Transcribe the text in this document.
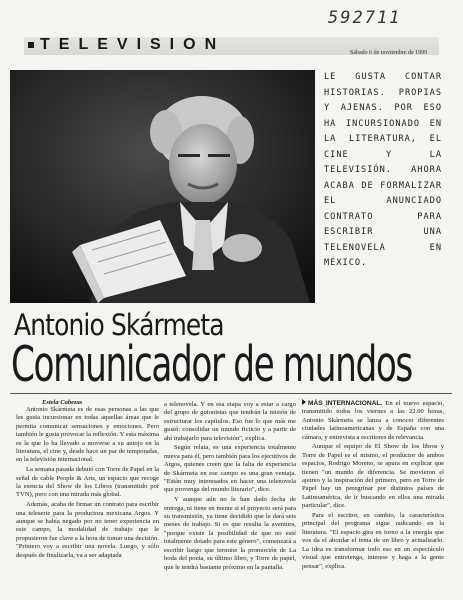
592711
TELEVISION	Sábado 6 de noviembre de 1999
LE GUSTA CONTAR HISTORIAS. PROPIAS Y AJENAS. POR ESO HA INCURSIONADO EN LA LITERATURA, EL CINE Y LA TELEVISIÓN. AHORA ACABA DE FORMALIZAR EL ANUNCIADO CONTRATO PARA ESCRIBIR UNA TELENOVELA EN MÉXICO.
Antonio Skármeta
Comunicador de mundos
Estela Cabezas

Antonio Skármeta es de esas personas a las que les gusta incursionar en todas aquellas áreas que le permita comunicar sensaciones y emociones. Pero también le gusta provocar la reflexión. Y esta máxima es la que lo ha llevado a moverse a su antojo en la literatura, el cine y, desde hace un par de temporadas, en la televisión internacional.

La semana pasada debutó con Torre de Papel en la señal de cable People & Arts, un espacio que recoge la esencia del Show de los Libros (transmitido por TVN), pero con una mirada más global.

Además, acaba de firmar un contrato para escribir una teleserie para la productora mexicana Argos. Y aunque se había negado por no tener experiencia en este campo, la modalidad de trabajo que le propusieron fue clave a la hora de tomar una decisión. "Primero voy a escribir una novela. Luego, y sólo después de finalizarla, va a ser adaptada

a telenovela. Y en esa etapa voy a estar a cargo del grupo de guionistas que tendrán la misión de estructurar los capítulos. Eso fue lo que más me gustó: consolidar un mundo ficticio y a partir de ahí trabajarlo para televisión", explica.

Según relata, es una experiencia totalmente nueva para él, pero también para los ejecutivos de Argos, quienes creen que la falta de experiencia de Skármeta en ese campo es una gran ventaja. "Están muy interesados en hacer una telenovela que provenga del mundo literario", dice.

Y aunque aún no le han dado fecha de entrega, ni tiene en mente si el proyecto será para su transmisión, ya tiene decidido que le dará seis meses de trabajo. Si es que resulta la aventura, "porque existe la posibilidad de que no esté totalmente dotado para este género", comenzará a escribir luego que termine la promoción de La boda del poeta, su último libro, y Torre de papel, que le tendrá bastante próximo en la pantalla.

MÁS INTERNACIONAL. En el nuevo espacio, transmitido todos los viernes a las 22.00 horas, Antonio Skármeta se lanza a conocer diferentes ciudades latinoamericanas y de España con una cámara, y entrevista a escritores de relevancia.

Aunque el equipo de El Show de los libros y Torre de Papel es el mismo, el productor de ambos espacios, Rodrigo Moreno, se apura en explicar que tienen "un mundo de diferencia. Se movieron el ajetreo y la inspiración del primero, pero en Torre de Papel hay un peregrinar por distintos países de Latinoamérica, de ir buscando en ellos una mirada particular", dice.

Para el escritor, en cambio, la característica principal del programa sigue radicando en la literatura. "El espacio gira en torno a la energía que vos da el abordar el tema de un libro y actualizarlo. La idea es transformar todo eso en un espectáculo visual que entretenga, interese y haga a la gente pensar", explica.
